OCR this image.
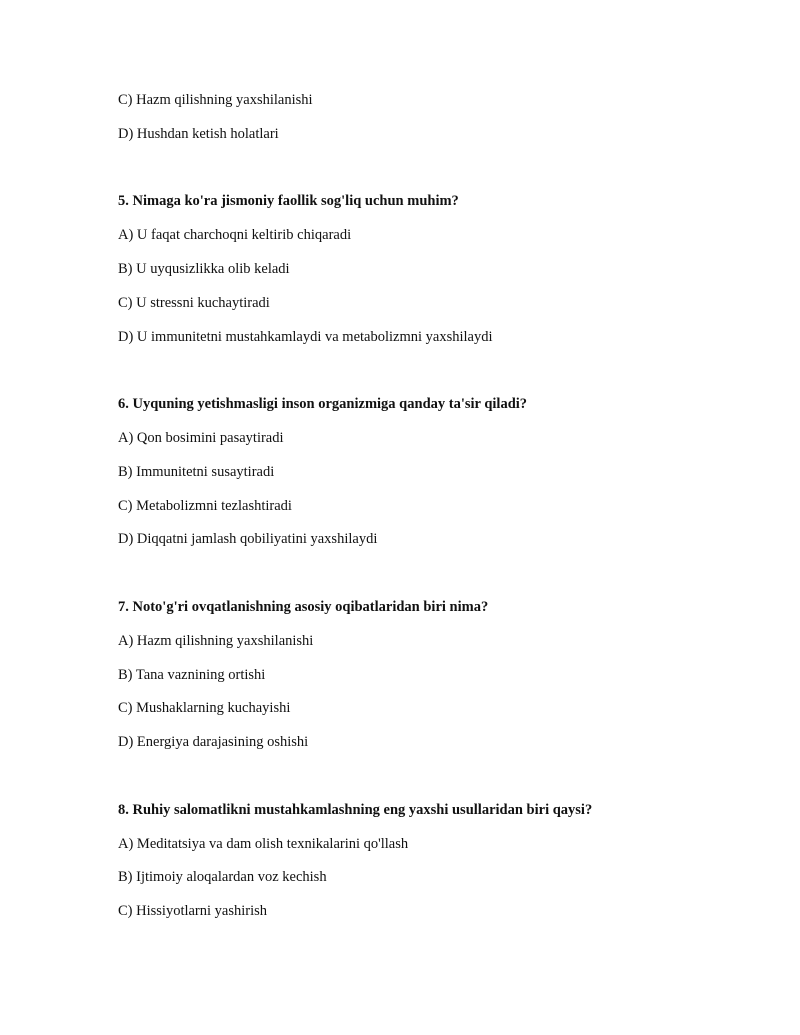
C) Hazm qilishning yaxshilanishi
D) Hushdan ketish holatlari
5. Nimaga ko'ra jismoniy faollik sog'liq uchun muhim?
A) U faqat charchoqni keltirib chiqaradi
B) U uyqusizlikka olib keladi
C) U stressni kuchaytiradi
D) U immunitetni mustahkamlaydi va metabolizmni yaxshilaydi
6. Uyquning yetishmasligi inson organizmiga qanday ta'sir qiladi?
A) Qon bosimini pasaytiradi
B) Immunitetni susaytiradi
C) Metabolizmni tezlashtiradi
D) Diqqatni jamlash qobiliyatini yaxshilaydi
7. Noto'g'ri ovqatlanishning asosiy oqibatlaridan biri nima?
A) Hazm qilishning yaxshilanishi
B) Tana vaznining ortishi
C) Mushaklarning kuchayishi
D) Energiya darajasining oshishi
8. Ruhiy salomatlikni mustahkamlashning eng yaxshi usullaridan biri qaysi?
A) Meditatsiya va dam olish texnikalarini qo'llash
B) Ijtimoiy aloqalardan voz kechish
C) Hissiyotlarni yashirish
